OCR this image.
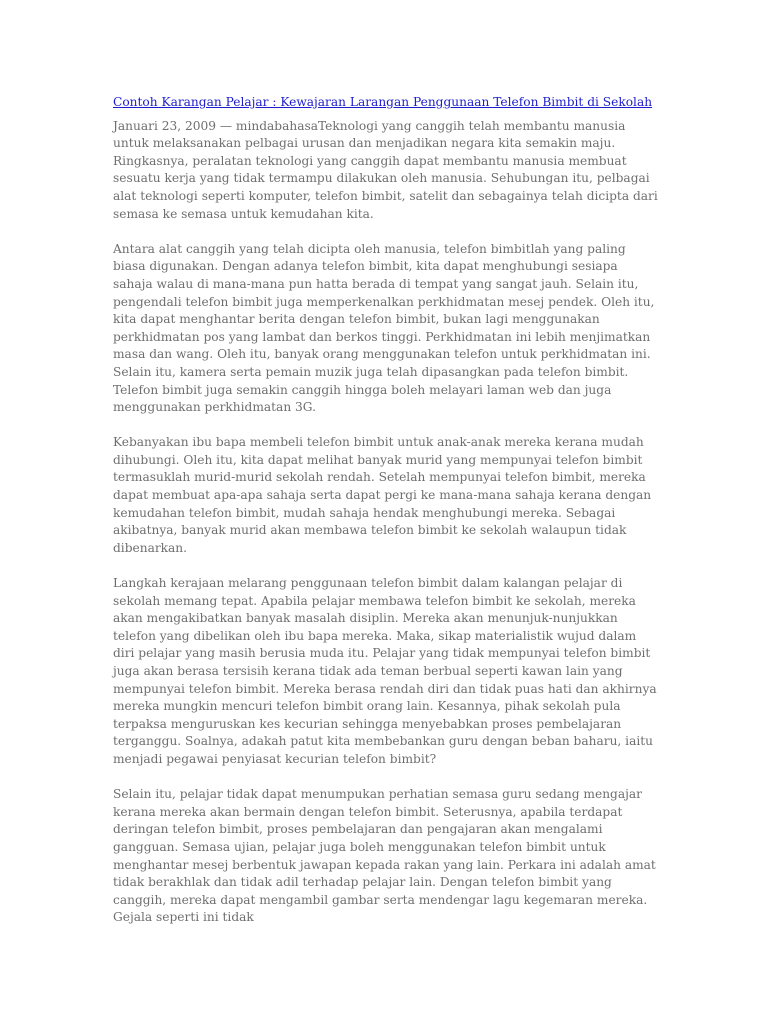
Contoh Karangan Pelajar : Kewajaran Larangan Penggunaan Telefon Bimbit di Sekolah

Januari 23, 2009 — mindabahasaTeknologi yang canggih telah membantu manusia untuk melaksanakan pelbagai urusan dan menjadikan negara kita semakin maju. Ringkasnya, peralatan teknologi yang canggih dapat membantu manusia membuat sesuatu kerja yang tidak termampu dilakukan oleh manusia. Sehubungan itu, pelbagai alat teknologi seperti komputer, telefon bimbit, satelit dan sebagainya telah dicipta dari semasa ke semasa untuk kemudahan kita.

Antara alat canggih yang telah dicipta oleh manusia, telefon bimbitlah yang paling biasa digunakan. Dengan adanya telefon bimbit, kita dapat menghubungi sesiapa sahaja walau di mana-mana pun hatta berada di tempat yang sangat jauh. Selain itu, pengendali telefon bimbit juga memperkenalkan perkhidmatan mesej pendek. Oleh itu, kita dapat menghantar berita dengan telefon bimbit, bukan lagi menggunakan perkhidmatan pos yang lambat dan berkos tinggi. Perkhidmatan ini lebih menjimatkan masa dan wang. Oleh itu, banyak orang menggunakan telefon untuk perkhidmatan ini. Selain itu, kamera serta pemain muzik juga telah dipasangkan pada telefon bimbit. Telefon bimbit juga semakin canggih hingga boleh melayari laman web dan juga menggunakan perkhidmatan 3G.

Kebanyakan ibu bapa membeli telefon bimbit untuk anak-anak mereka kerana mudah dihubungi. Oleh itu, kita dapat melihat banyak murid yang mempunyai telefon bimbit termasuklah murid-murid sekolah rendah. Setelah mempunyai telefon bimbit, mereka dapat membuat apa-apa sahaja serta dapat pergi ke mana-mana sahaja kerana dengan kemudahan telefon bimbit, mudah sahaja hendak menghubungi mereka. Sebagai akibatnya, banyak murid akan membawa telefon bimbit ke sekolah walaupun tidak dibenarkan.

Langkah kerajaan melarang penggunaan telefon bimbit dalam kalangan pelajar di sekolah memang tepat. Apabila pelajar membawa telefon bimbit ke sekolah, mereka akan mengakibatkan banyak masalah disiplin. Mereka akan menunjuk-nunjukkan telefon yang dibelikan oleh ibu bapa mereka. Maka, sikap materialistik wujud dalam diri pelajar yang masih berusia muda itu. Pelajar yang tidak mempunyai telefon bimbit juga akan berasa tersisih kerana tidak ada teman berbual seperti kawan lain yang mempunyai telefon bimbit. Mereka berasa rendah diri dan tidak puas hati dan akhirnya mereka mungkin mencuri telefon bimbit orang lain. Kesannya, pihak sekolah pula terpaksa menguruskan kes kecurian sehingga menyebabkan proses pembelajaran terganggu. Soalnya, adakah patut kita membebankan guru dengan beban baharu, iaitu menjadi pegawai penyiasat kecurian telefon bimbit?

Selain itu, pelajar tidak dapat menumpukan perhatian semasa guru sedang mengajar kerana mereka akan bermain dengan telefon bimbit. Seterusnya, apabila terdapat deringan telefon bimbit, proses pembelajaran dan pengajaran akan mengalami gangguan. Semasa ujian, pelajar juga boleh menggunakan telefon bimbit untuk menghantar mesej berbentuk jawapan kepada rakan yang lain. Perkara ini adalah amat tidak berakhlak dan tidak adil terhadap pelajar lain. Dengan telefon bimbit yang canggih, mereka dapat mengambil gambar serta mendengar lagu kegemaran mereka. Gejala seperti ini tidak
